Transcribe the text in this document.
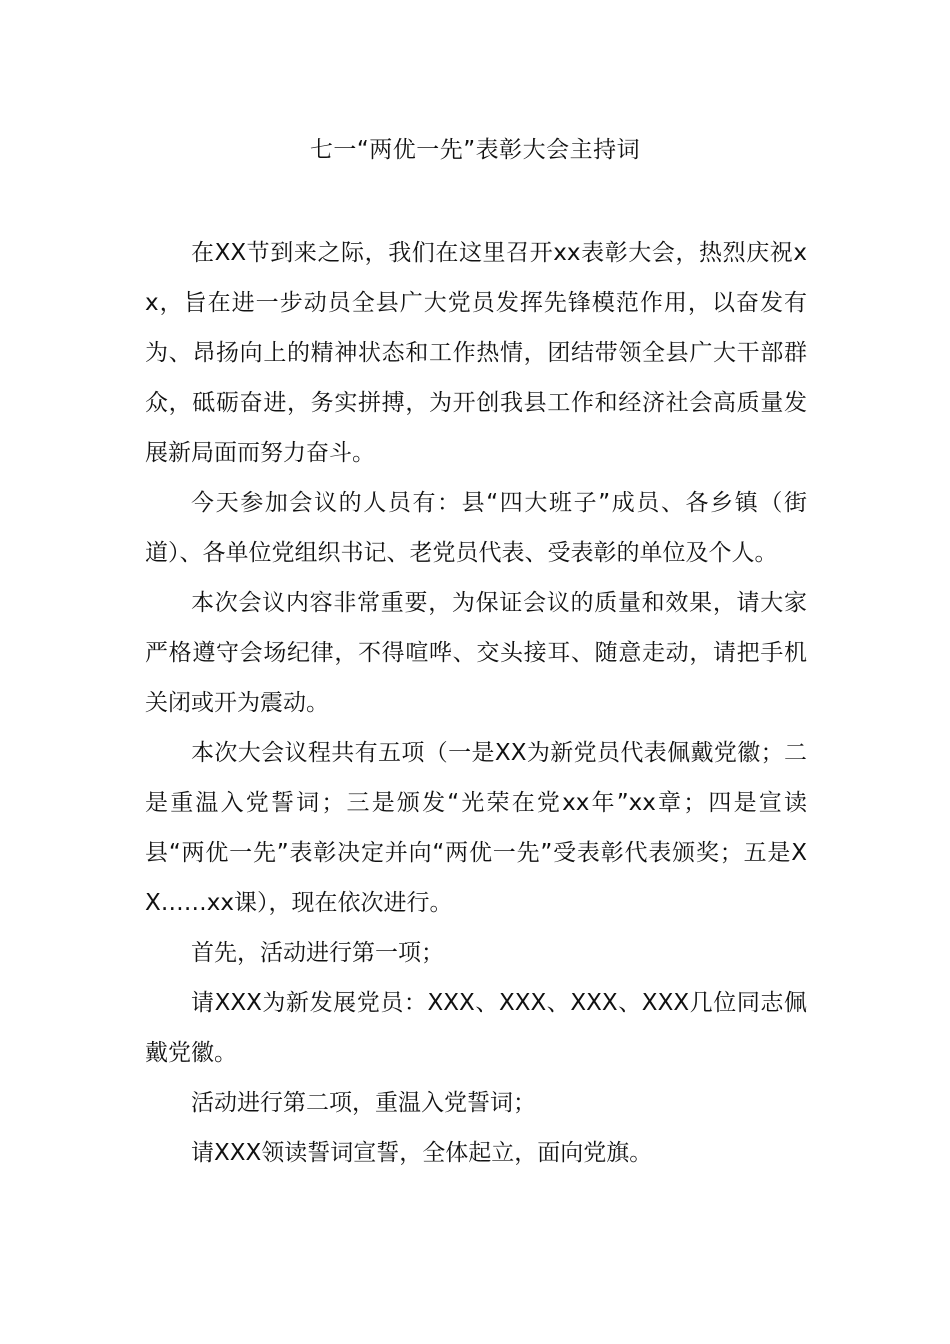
七一“两优一先”表彰大会主持词

在XX节到来之际，我们在这里召开xx表彰大会，热烈庆祝xx，旨在进一步动员全县广大党员发挥先锋模范作用，以奋发有为、昂扬向上的精神状态和工作热情，团结带领全县广大干部群众，砥砺奋进，务实拼搏，为开创我县工作和经济社会高质量发展新局面而努力奋斗。

今天参加会议的人员有：县“四大班子”成员、各乡镇（街道）、各单位党组织书记、老党员代表、受表彰的单位及个人。

本次会议内容非常重要，为保证会议的质量和效果，请大家严格遵守会场纪律，不得喧哗、交头接耳、随意走动，请把手机关闭或开为震动。

本次大会议程共有五项（一是XX为新党员代表佩戴党徽；二是重温入党誓词；三是颁发“光荣在党xx年”xx章；四是宣读县“两优一先”表彰决定并向“两优一先”受表彰代表颁奖；五是XX……xx课），现在依次进行。

首先，活动进行第一项；

请XXX为新发展党员：XXX、XXX、XXX、XXX几位同志佩戴党徽。

活动进行第二项，重温入党誓词；

请XXX领读誓词宣誓，全体起立，面向党旗。
